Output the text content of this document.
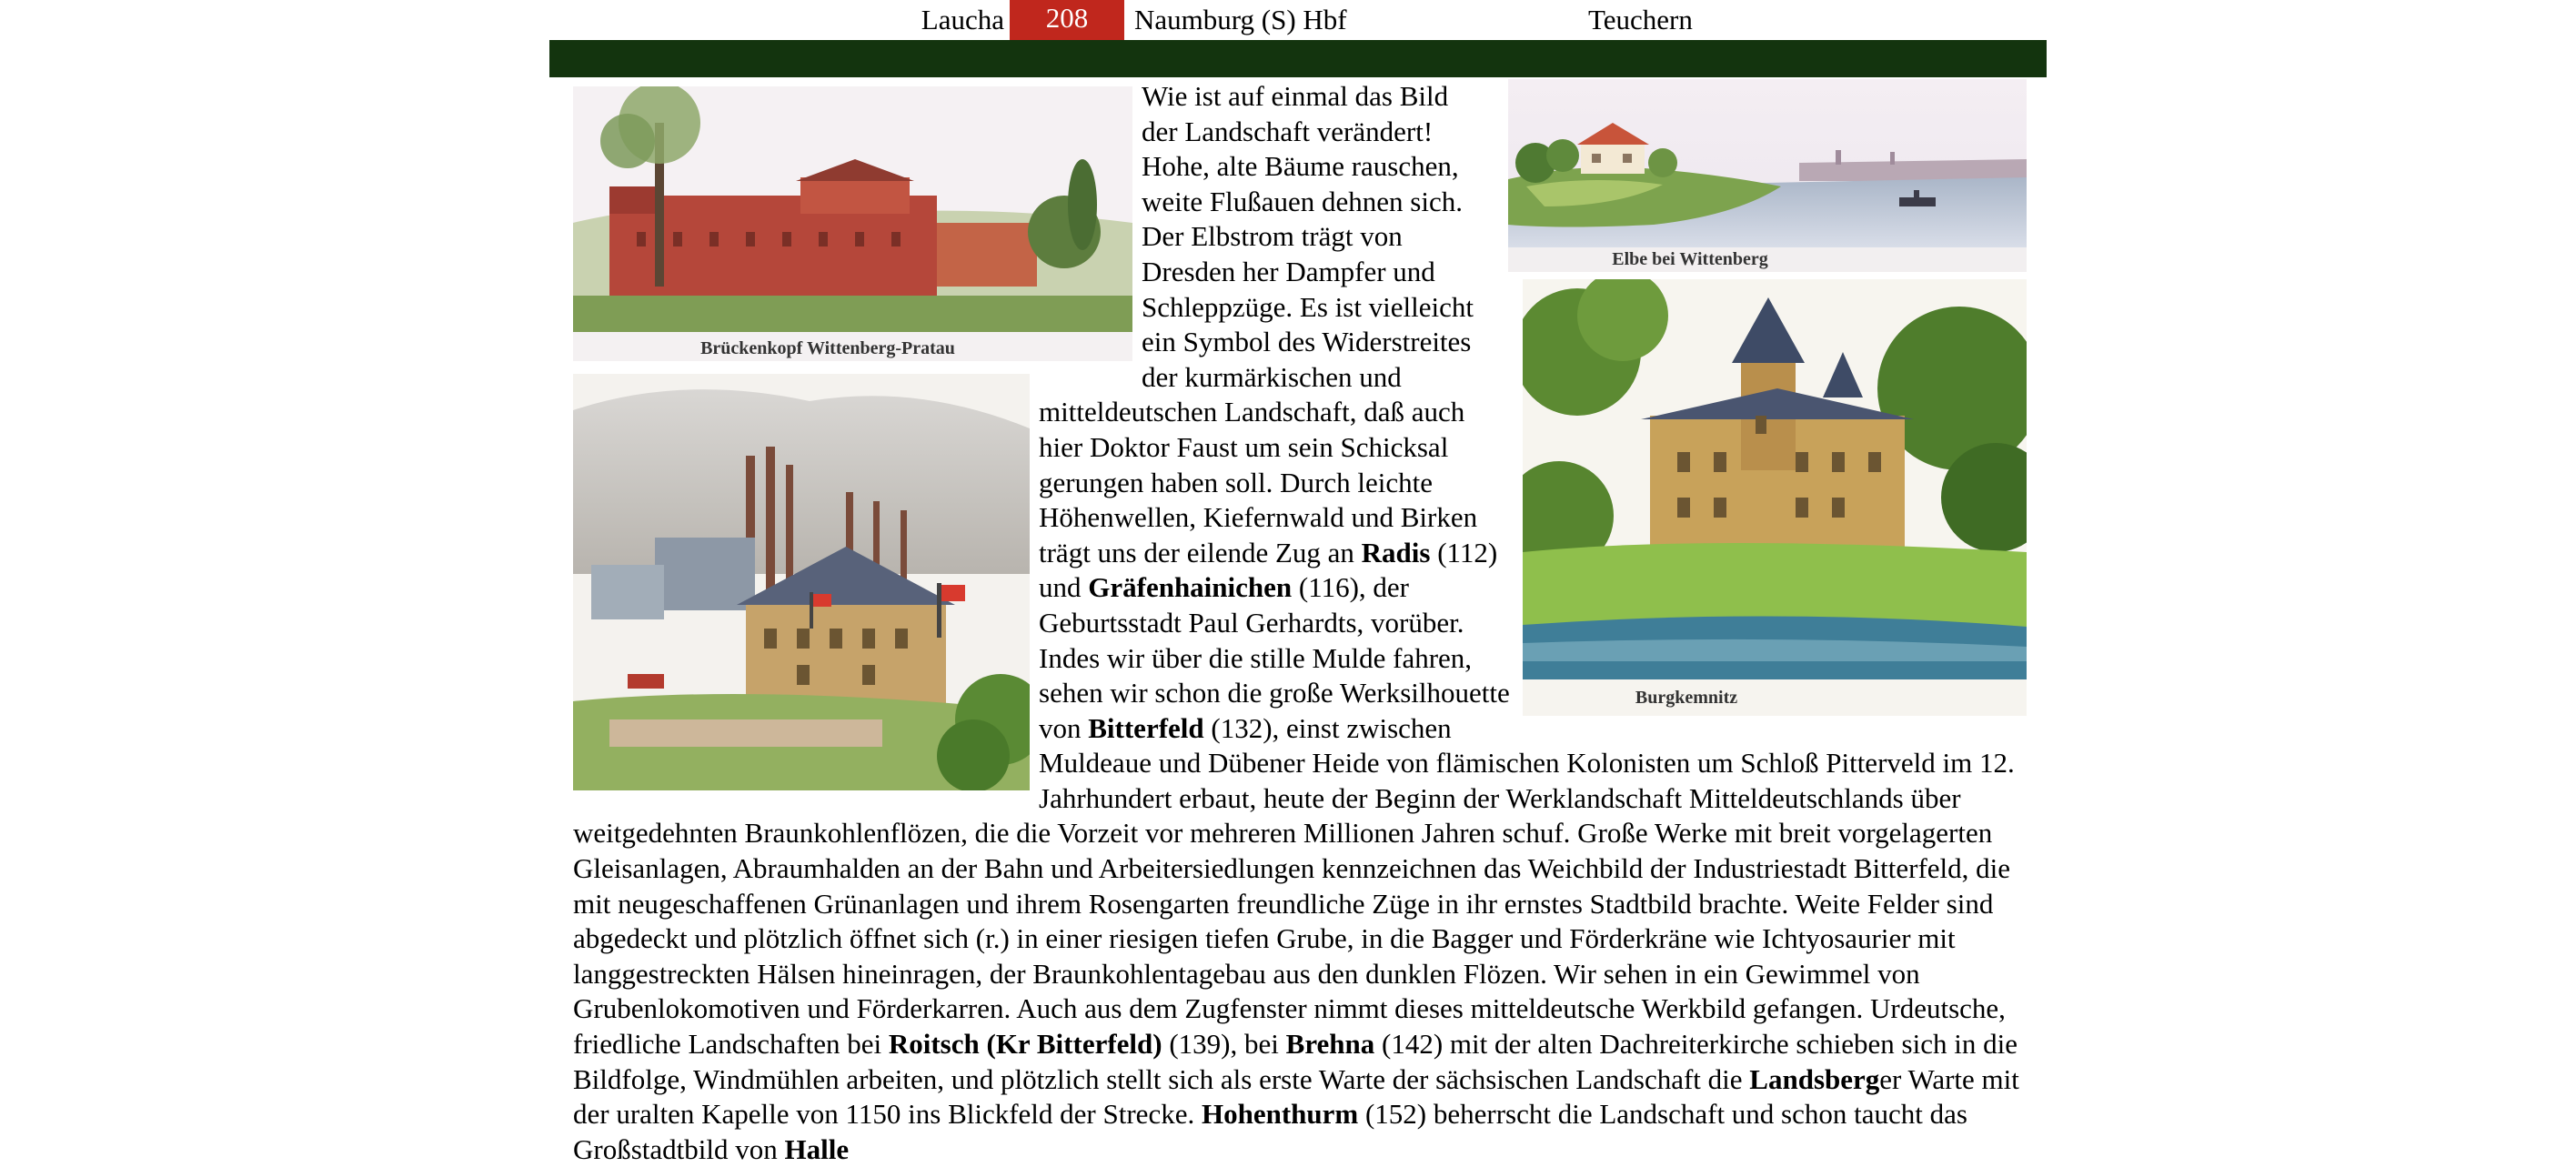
Laucha	208	Naumburg (S) Hbf	Teuchern
Elbe bei Wittenberg
Brückenkopf Wittenberg-Pratau
Burgkemnitz

Wie ist auf einmal das Bild der Landschaft verändert! Hohe, alte Bäume rauschen, weite Flußauen dehnen sich. Der Elbstrom trägt von Dresden her Dampfer und Schleppzüge. Es ist vielleicht ein Symbol des Widerstreites der kurmärkischen und mitteldeutschen Landschaft, daß auch hier Doktor Faust um sein Schicksal gerungen haben soll. Durch leichte Höhenwellen, Kiefernwald und Birken trägt uns der eilende Zug an Radis (112) und Gräfenhainichen (116), der Geburtsstadt Paul Gerhardts, vorüber. Indes wir über die stille Mulde fahren, sehen wir schon die große Werksilhouette von Bitterfeld (132), einst zwischen Muldeaue und Dübener Heide von flämischen Kolonisten um Schloß Pitterveld im 12. Jahrhundert erbaut, heute der Beginn der Werklandschaft Mitteldeutschlands über weitgedehnten Braunkohlenflözen, die die Vorzeit vor mehreren Millionen Jahren schuf. Große Werke mit breit vorgelagerten Gleisanlagen, Abraumhalden an der Bahn und Arbeitersiedlungen kennzeichnen das Weichbild der Industriestadt Bitterfeld, die mit neugeschaffenen Grünanlagen und ihrem Rosengarten freundliche Züge in ihr ernstes Stadtbild brachte. Weite Felder sind abgedeckt und plötzlich öffnet sich (r.) in einer riesigen tiefen Grube, in die Bagger und Förderkräne wie Ichtyosaurier mit langgestreckten Hälsen hineinragen, der Braunkohlentagebau aus den dunklen Flözen. Wir sehen in ein Gewimmel von Grubenlokomotiven und Förderkarren. Auch aus dem Zugfenster nimmt dieses mitteldeutsche Werkbild gefangen. Urdeutsche, friedliche Landschaften bei Roitsch (Kr Bitterfeld) (139), bei Brehna (142) mit der alten Dachreiterkirche schieben sich in die Bildfolge, Windmühlen arbeiten, und plötzlich stellt sich als erste Warte der sächsischen Landschaft die Landsberger Warte mit der uralten Kapelle von 1150 ins Blickfeld der Strecke. Hohenthurm (152) beherrscht die Landschaft und schon taucht das Großstadtbild von Halle
